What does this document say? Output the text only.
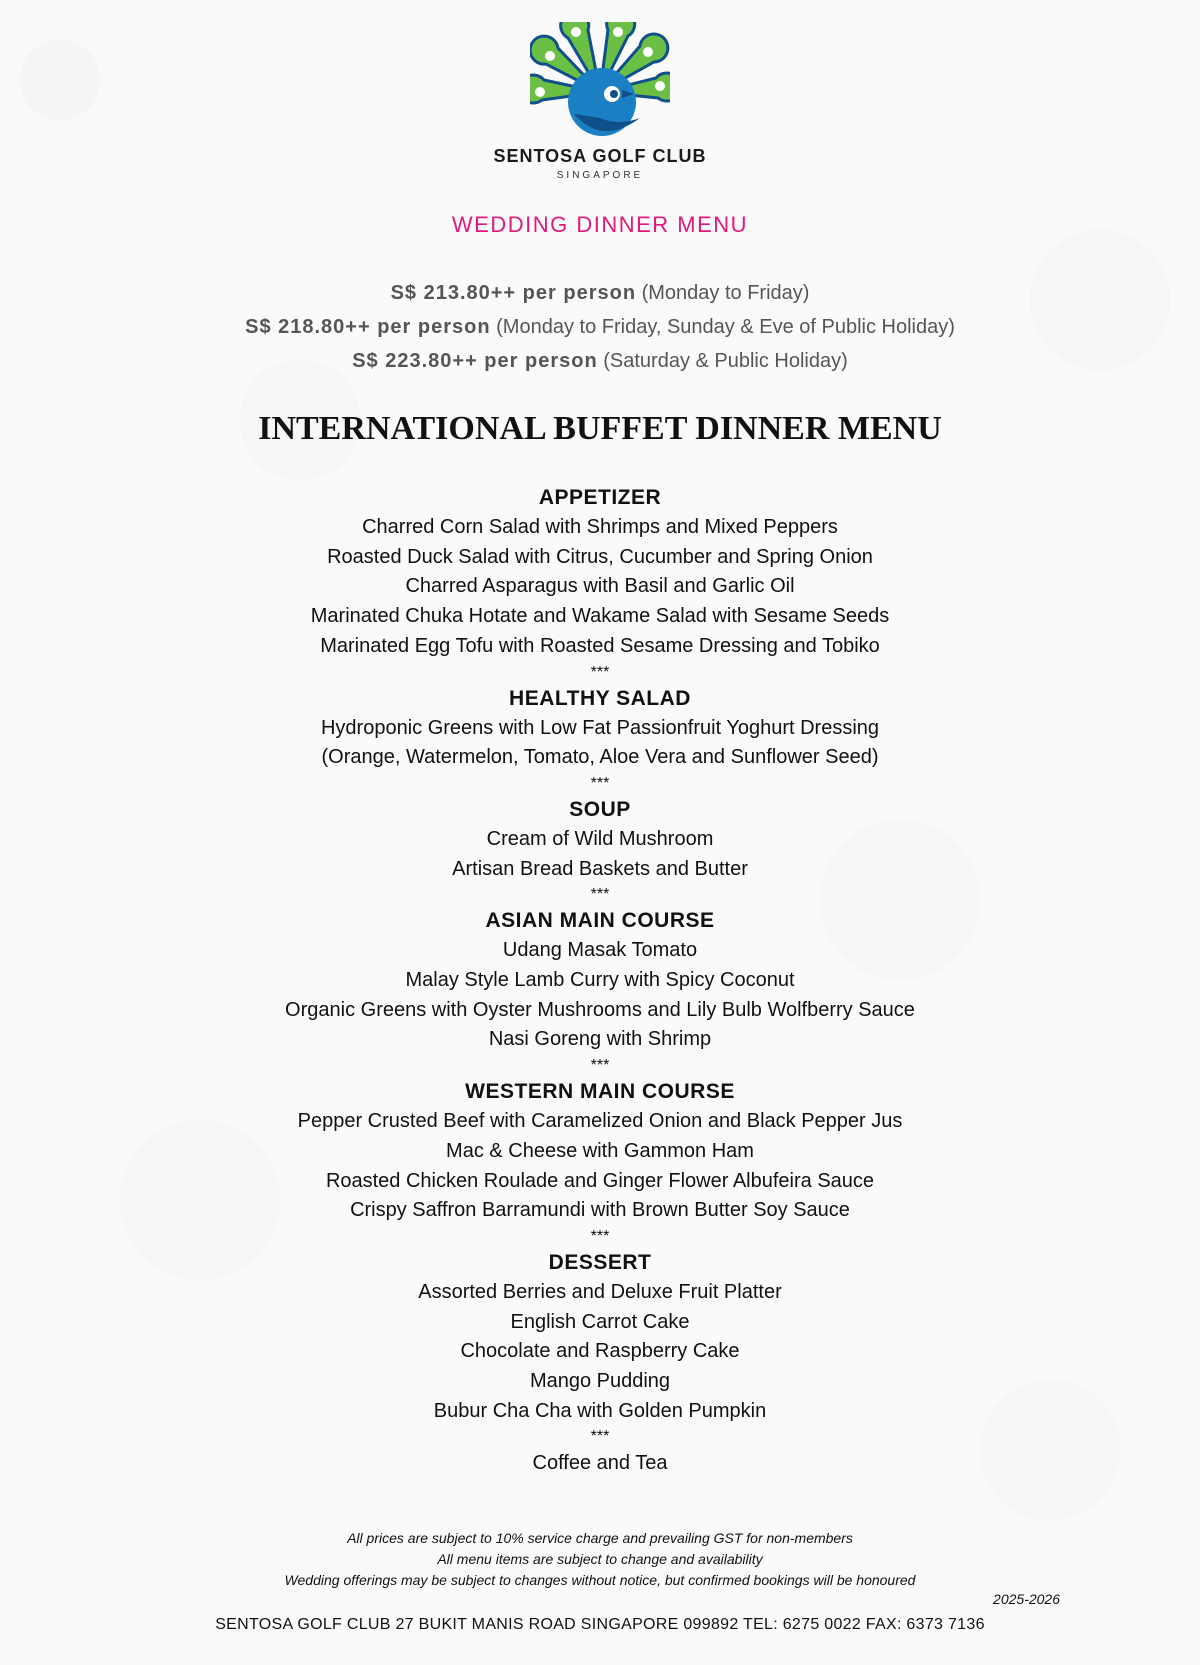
SENTOSA GOLF CLUB
SINGAPORE
WEDDING DINNER MENU
S$ 213.80++ per person (Monday to Friday)
S$ 218.80++ per person (Monday to Friday, Sunday & Eve of Public Holiday)
S$ 223.80++ per person (Saturday & Public Holiday)
INTERNATIONAL BUFFET DINNER MENU
APPETIZER
Charred Corn Salad with Shrimps and Mixed Peppers
Roasted Duck Salad with Citrus, Cucumber and Spring Onion
Charred Asparagus with Basil and Garlic Oil
Marinated Chuka Hotate and Wakame Salad with Sesame Seeds
Marinated Egg Tofu with Roasted Sesame Dressing and Tobiko
***
HEALTHY SALAD
Hydroponic Greens with Low Fat Passionfruit Yoghurt Dressing
(Orange, Watermelon, Tomato, Aloe Vera and Sunflower Seed)
***
SOUP
Cream of Wild Mushroom
Artisan Bread Baskets and Butter
***
ASIAN MAIN COURSE
Udang Masak Tomato
Malay Style Lamb Curry with Spicy Coconut
Organic Greens with Oyster Mushrooms and Lily Bulb Wolfberry Sauce
Nasi Goreng with Shrimp
***
WESTERN MAIN COURSE
Pepper Crusted Beef with Caramelized Onion and Black Pepper Jus
Mac & Cheese with Gammon Ham
Roasted Chicken Roulade and Ginger Flower Albufeira Sauce
Crispy Saffron Barramundi with Brown Butter Soy Sauce
***
DESSERT
Assorted Berries and Deluxe Fruit Platter
English Carrot Cake
Chocolate and Raspberry Cake
Mango Pudding
Bubur Cha Cha with Golden Pumpkin
***
Coffee and Tea
All prices are subject to 10% service charge and prevailing GST for non-members
All menu items are subject to change and availability
Wedding offerings may be subject to changes without notice, but confirmed bookings will be honoured
2025-2026
SENTOSA GOLF CLUB 27 BUKIT MANIS ROAD SINGAPORE 099892 TEL: 6275 0022 FAX: 6373 7136
